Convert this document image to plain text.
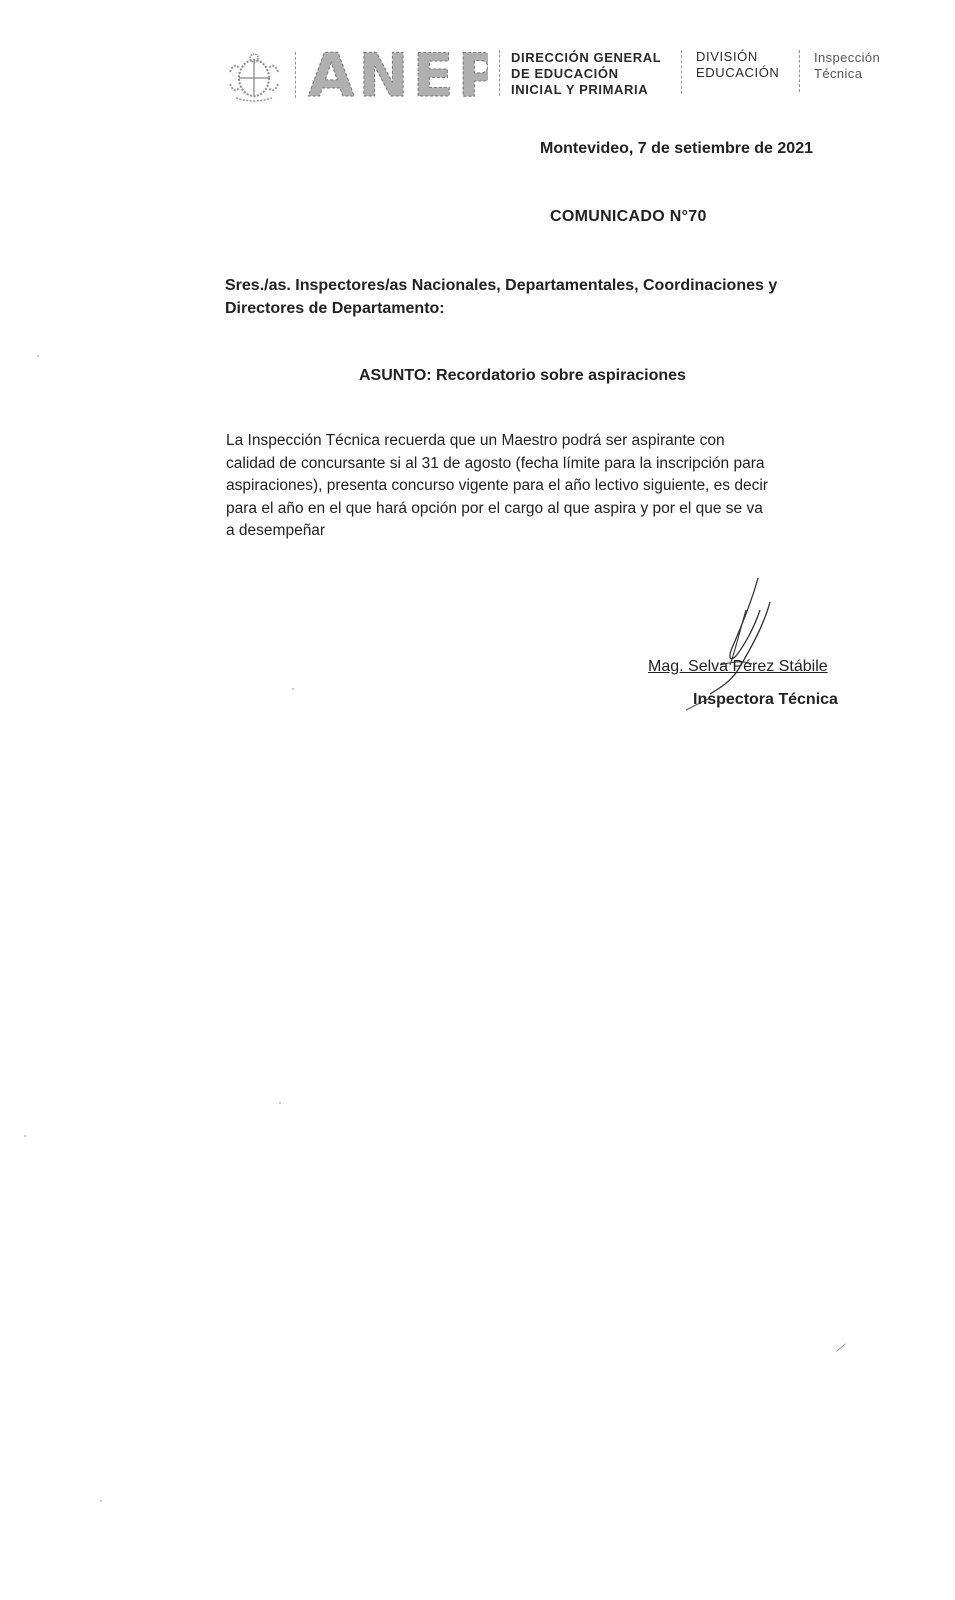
ANEP DIRECCIÓN GENERAL
DE EDUCACIÓN
INICIAL Y PRIMARIA
DIVISIÓN
EDUCACIÓN
Inspección
Técnica
Montevideo, 7 de setiembre de 2021
COMUNICADO N°70
Sres./as. Inspectores/as Nacionales, Departamentales, Coordinaciones y
Directores de Departamento:
ASUNTO: Recordatorio sobre aspiraciones
La Inspección Técnica recuerda que un Maestro podrá ser aspirante con
calidad de concursante si al 31 de agosto (fecha límite para la inscripción para
aspiraciones), presenta concurso vigente para el año lectivo siguiente, es decir
para el año en el que hará opción por el cargo al que aspira y por el que se va
a desempeñar
Mag. Selva Pérez Stábile
Inspectora Técnica
